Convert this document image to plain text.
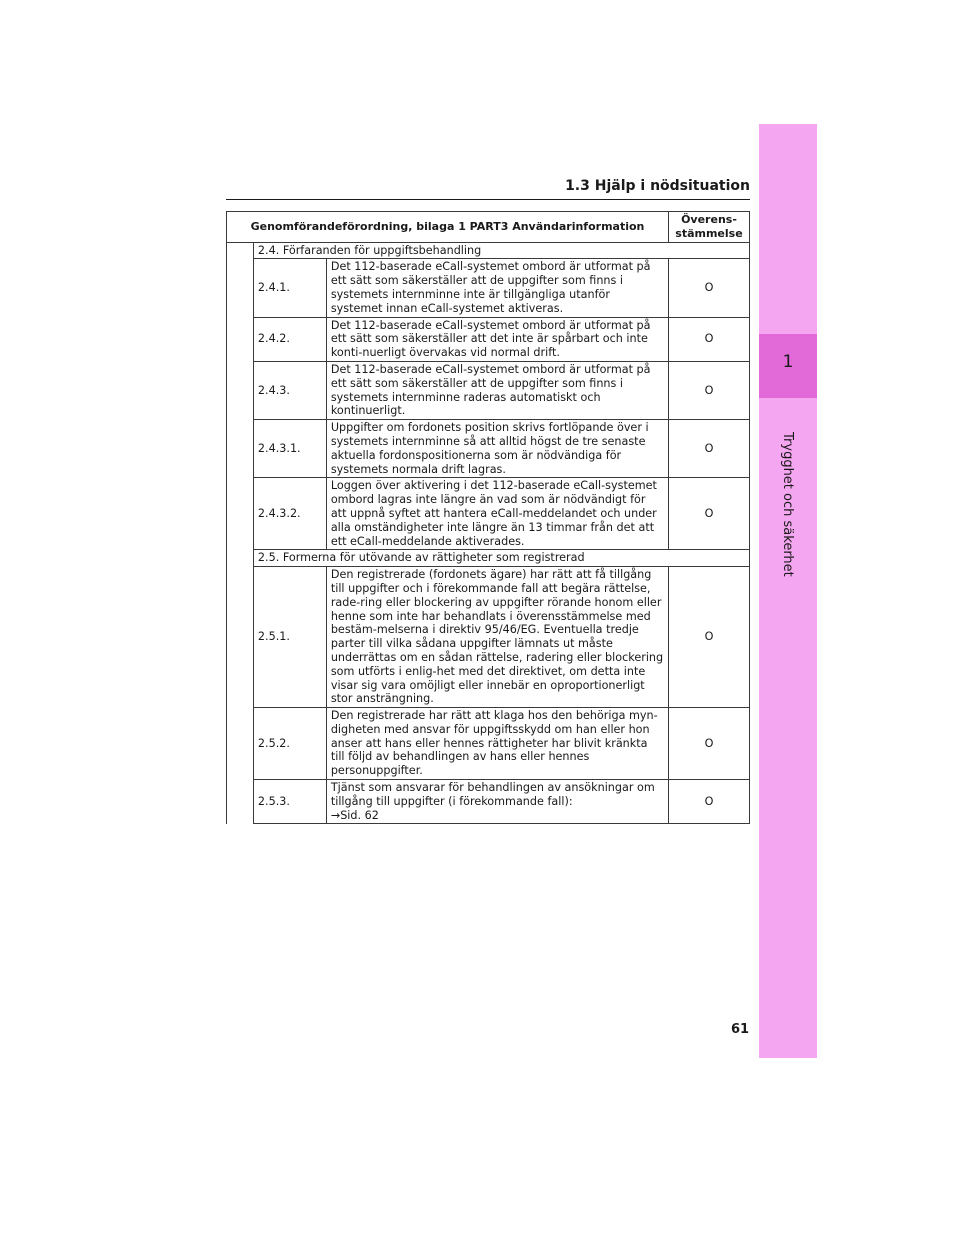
1
Trygghet och säkerhet
1.3 Hjälp i nödsituation
Genomförandeförordning, bilaga 1 PART3 Användarinformation			Överens-
stämmelse
	2.4. Förfaranden för uppgiftsbehandling		
	2.4.1.	Det 112-baserade eCall-systemet ombord är utformat på ett sätt som säkerställer att de uppgifter som finns i systemets internminne inte är tillgängliga utanför systemet innan eCall-systemet aktiveras.	O
	2.4.2.	Det 112-baserade eCall-systemet ombord är utformat på ett sätt som säkerställer att det inte är spårbart och inte konti-nuerligt övervakas vid normal drift.	O
	2.4.3.	Det 112-baserade eCall-systemet ombord är utformat på ett sätt som säkerställer att de uppgifter som finns i systemets internminne raderas automatiskt och kontinuerligt.	O
	2.4.3.1.	Uppgifter om fordonets position skrivs fortlöpande över i systemets internminne så att alltid högst de tre senaste aktuella fordonspositionerna som är nödvändiga för systemets normala drift lagras.	O
	2.4.3.2.	Loggen över aktivering i det 112-baserade eCall-systemet ombord lagras inte längre än vad som är nödvändigt för att uppnå syftet att hantera eCall-meddelandet och under alla omständigheter inte längre än 13 timmar från det att ett eCall-meddelande aktiverades.	O
	2.5. Formerna för utövande av rättigheter som registrerad		
	2.5.1.	Den registrerade (fordonets ägare) har rätt att få tillgång till uppgifter och i förekommande fall att begära rättelse, rade-ring eller blockering av uppgifter rörande honom eller henne som inte har behandlats i överensstämmelse med bestäm-melserna i direktiv 95/46/EG. Eventuella tredje parter till vilka sådana uppgifter lämnats ut måste underrättas om en sådan rättelse, radering eller blockering som utförts i enlig-het med det direktivet, om detta inte visar sig vara omöjligt eller innebär en oproportionerligt stor ansträngning.	O
	2.5.2.	Den registrerade har rätt att klaga hos den behöriga myn-digheten med ansvar för uppgiftsskydd om han eller hon anser att hans eller hennes rättigheter har blivit kränkta till följd av behandlingen av hans eller hennes personuppgifter.	O
	2.5.3.	Tjänst som ansvarar för behandlingen av ansökningar om tillgång till uppgifter (i förekommande fall):
→Sid. 62	O
61
